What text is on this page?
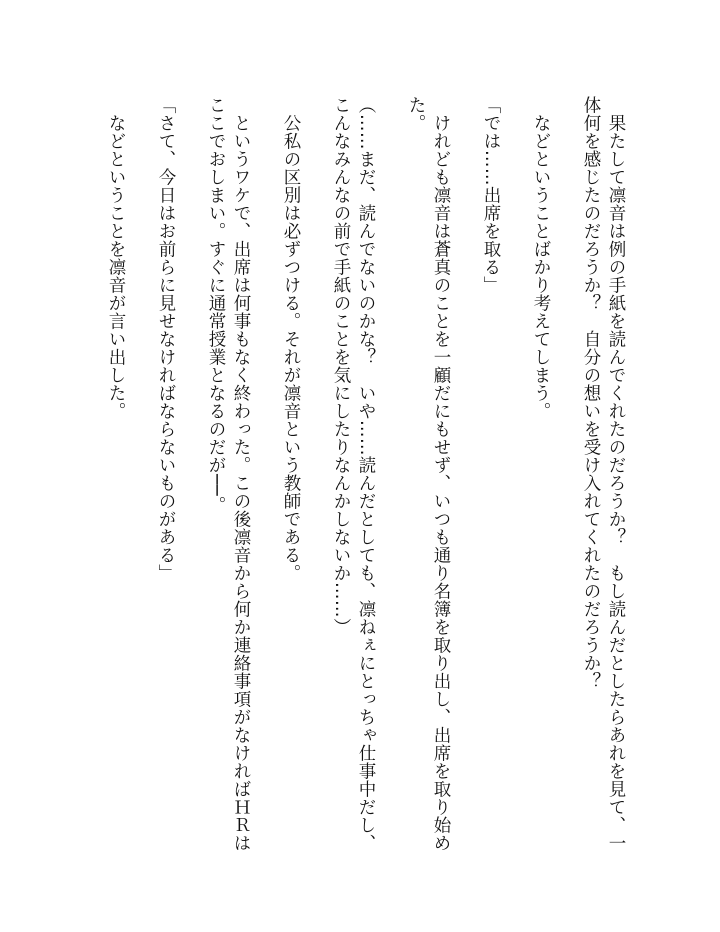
果たして凛音は例の手紙を読んでくれたのだろうか？　もし読んだとしたらあれを見て、一体何を感じたのだろうか？　自分の想いを受け入れてくれたのだろうか？

などということばかり考えてしまう。

「では……出席を取る」

けれども凛音は蒼真のことを一顧だにもせず、いつも通り名簿を取り出し、出席を取り始めた。

（……まだ、読んでないのかな？　いや……読んだとしても、凛ねぇにとっちゃ仕事中だし、こんなみんなの前で手紙のことを気にしたりなんかしないか……）

公私の区別は必ずつける。それが凛音という教師である。

というワケで、出席は何事もなく終わった。この後凛音から何か連絡事項がなければＨＲはここでおしまい。すぐに通常授業となるのだが──。

「さて、今日はお前らに見せなければならないものがある」

などということを凛音が言い出した。
